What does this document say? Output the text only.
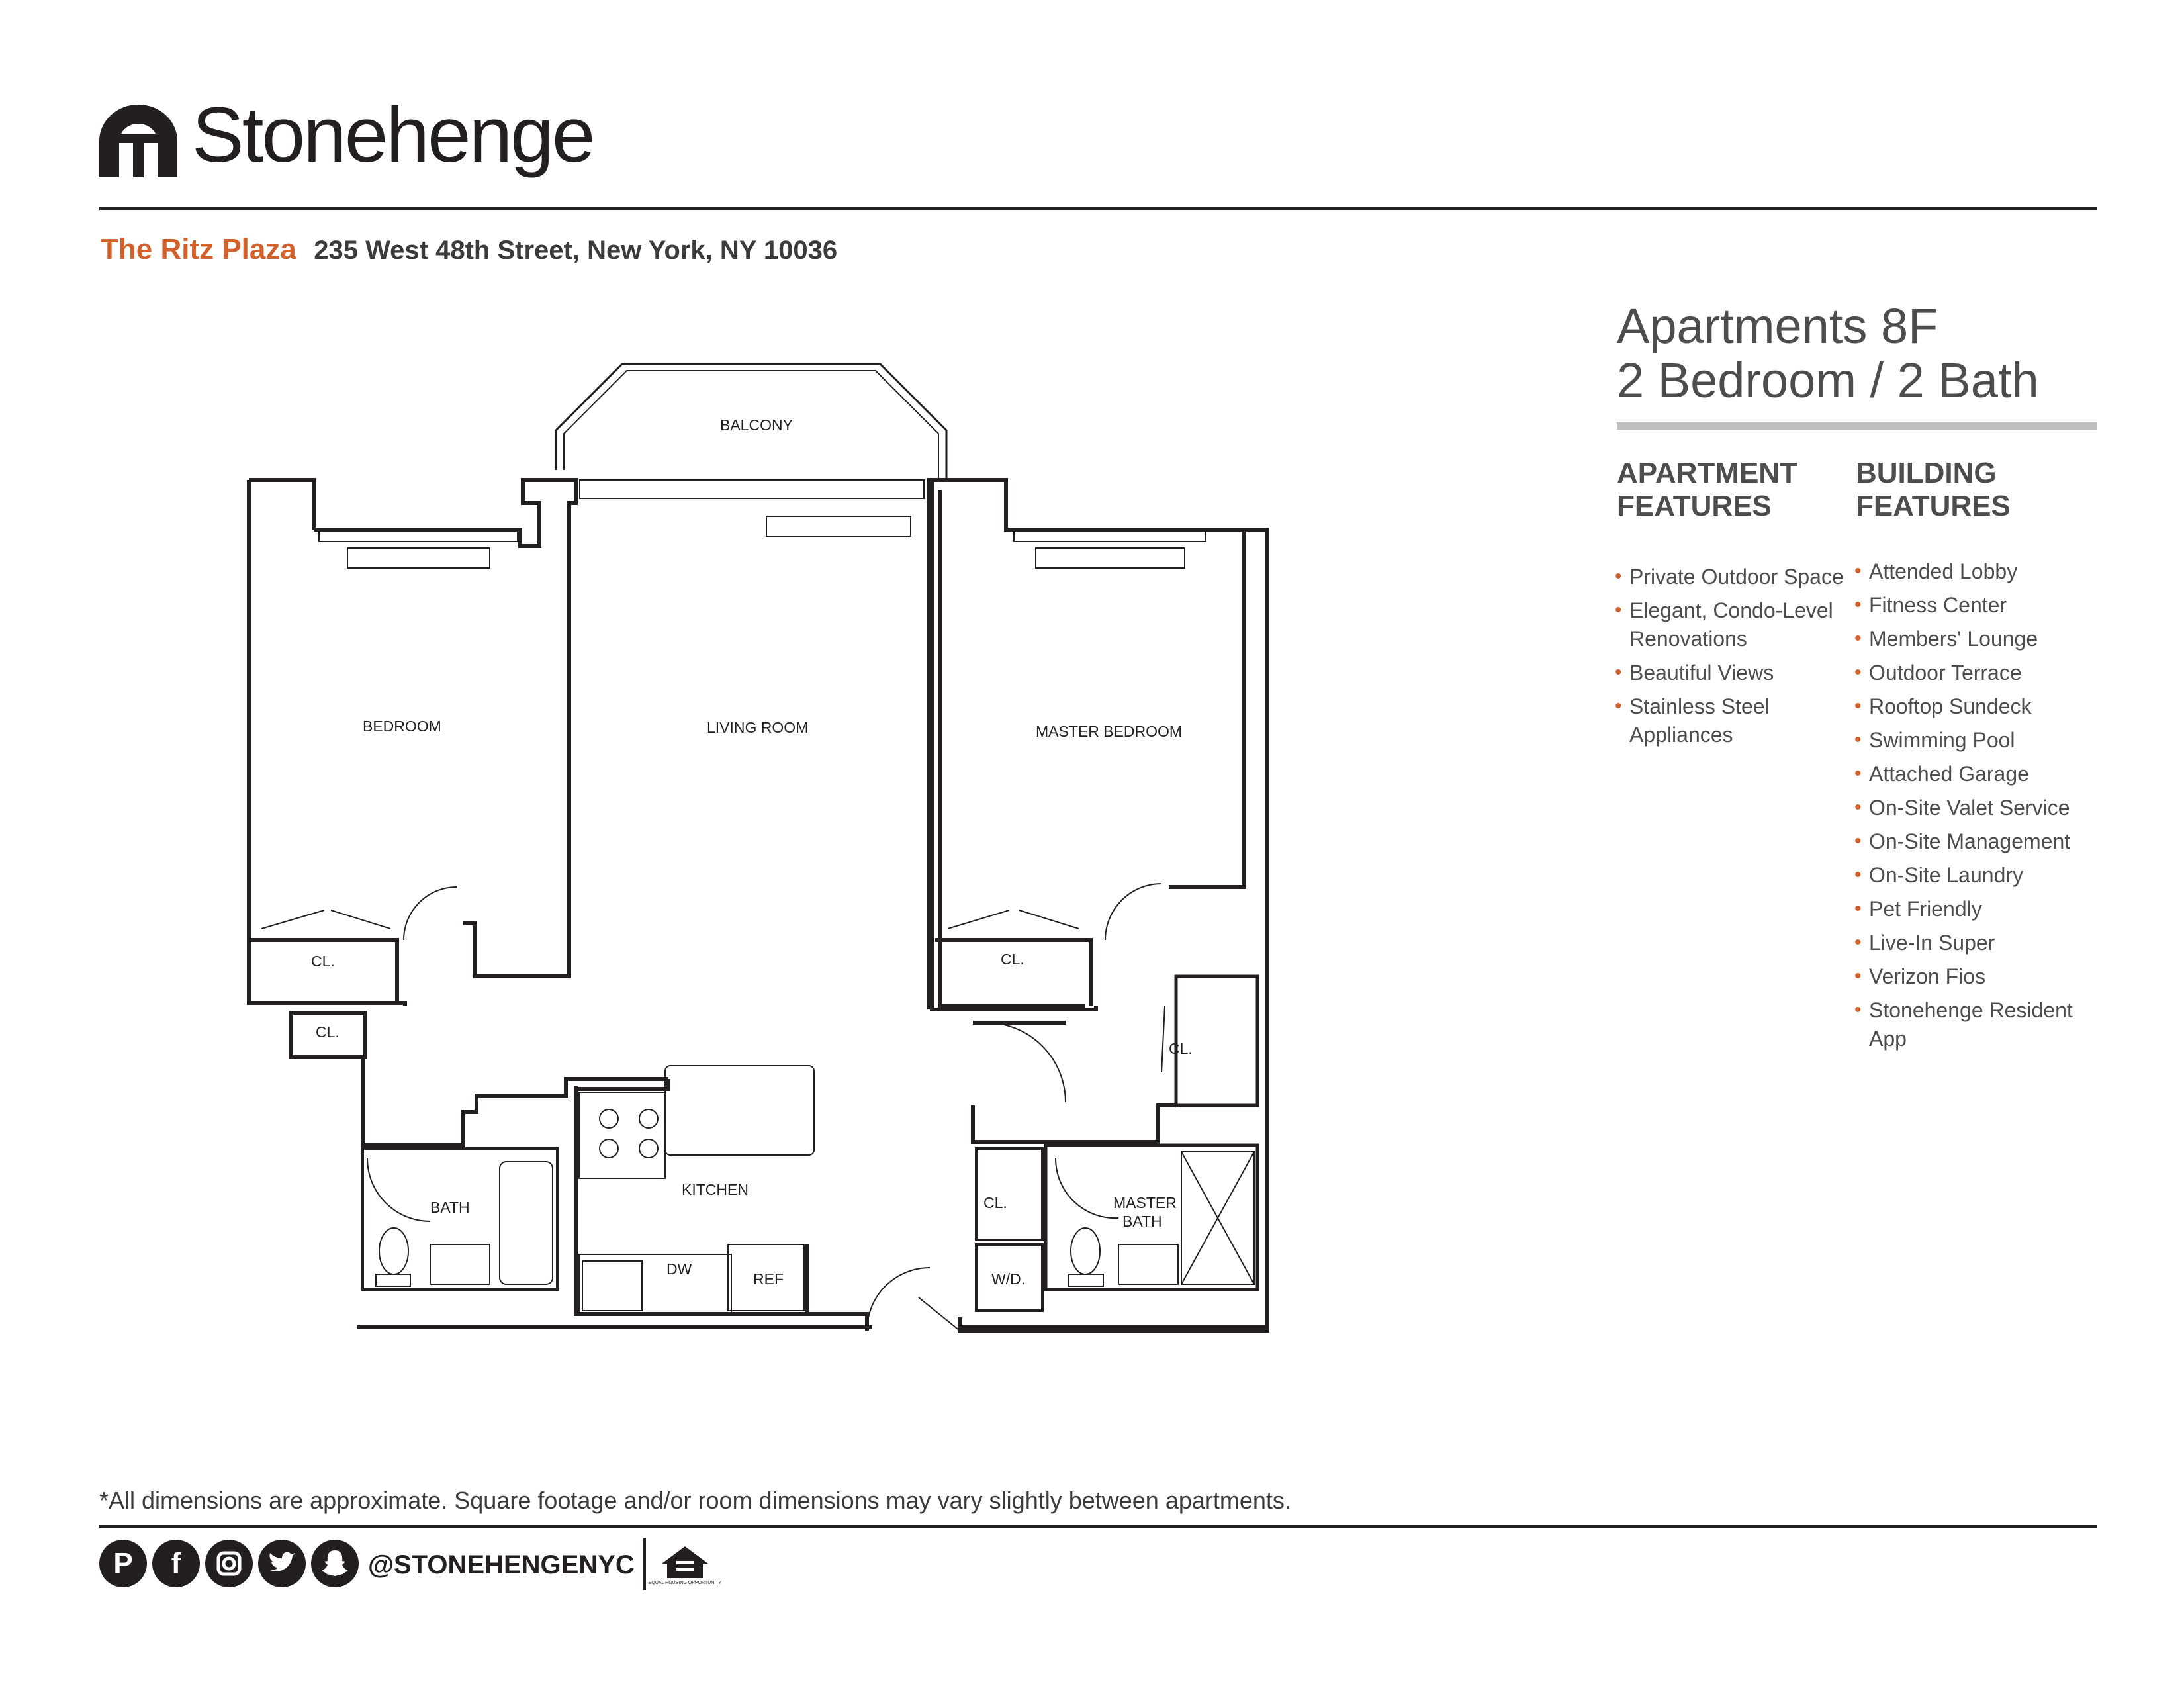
Stonehenge
The Ritz Plaza 235 West 48th Street, New York, NY 10036
Apartments 8F
2 Bedroom / 2 Bath
APARTMENT
FEATURES
BUILDING
FEATURES
• Private Outdoor Space
• Elegant, Condo-Level Renovations
• Beautiful Views
• Stainless Steel Appliances
• Attended Lobby
• Fitness Center
• Members' Lounge
• Outdoor Terrace
• Rooftop Sundeck
• Swimming Pool
• Attached Garage
• On-Site Valet Service
• On-Site Management
• On-Site Laundry
• Pet Friendly
• Live-In Super
• Verizon Fios
• Stonehenge Resident App
BALCONY
BEDROOM	LIVING ROOM	MASTER BEDROOM
CL.
CL.
CL.
CL.
CL.
BATH
KITCHEN
DW
REF	W/D.
MASTER
BATH
*All dimensions are approximate. Square footage and/or room dimensions may vary slightly between apartments.
P	f	@STONEHENGENYC
EQUAL HOUSING OPPORTUNITY
